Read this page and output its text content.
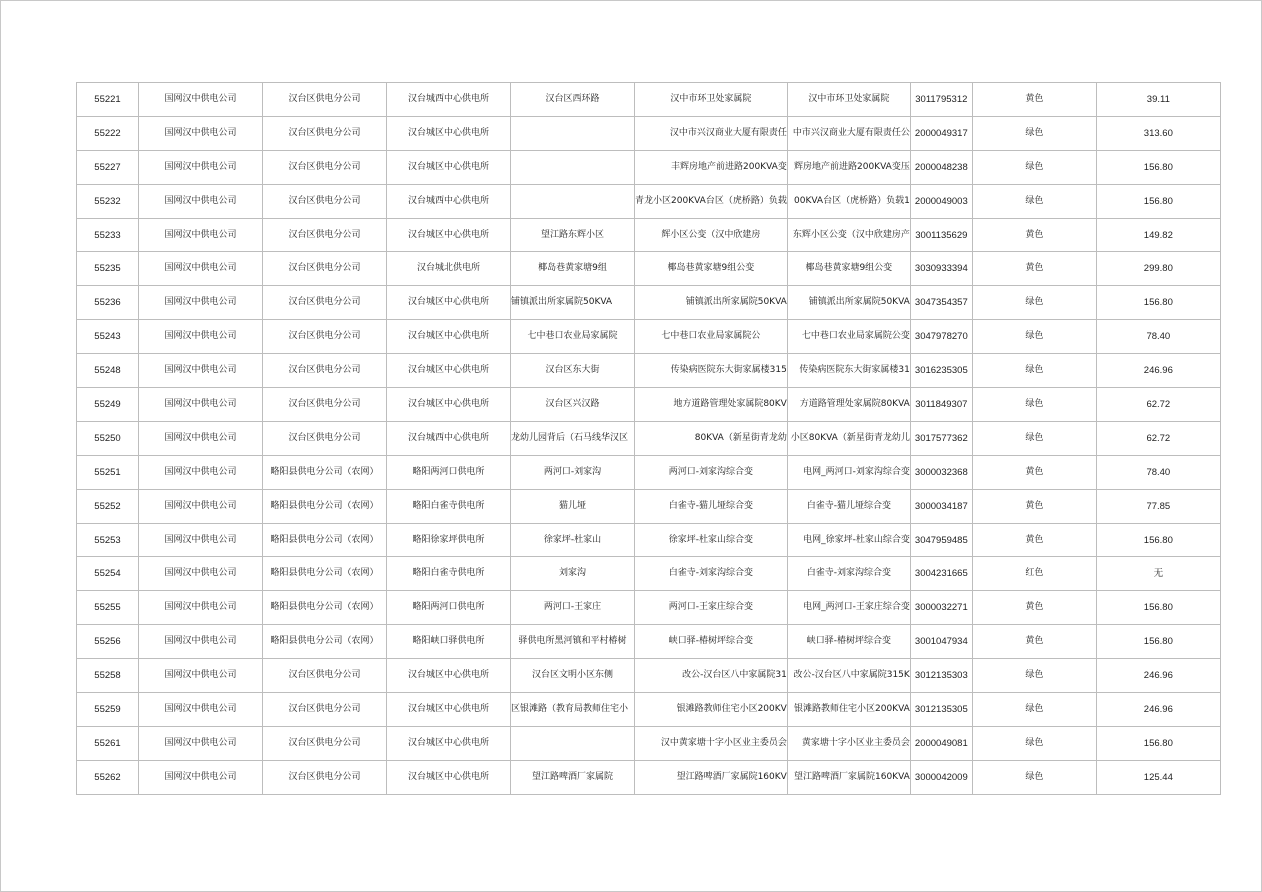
55221	国网汉中供电公司	汉台区供电分公司	汉台城西中心供电所	汉台区西环路	汉中市环卫处家属院	汉中市环卫处家属院	3011795312	黄色	39.11
55222	国网汉中供电公司	汉台区供电分公司	汉台城区中心供电所		汉中市兴汉商业大厦有限责任	中市兴汉商业大厦有限责任公	2000049317	绿色	313.60
55227	国网汉中供电公司	汉台区供电分公司	汉台城区中心供电所		丰辉房地产前进路200KVA变	辉房地产前进路200KVA变压	2000048238	绿色	156.80
55232	国网汉中供电公司	汉台区供电分公司	汉台城西中心供电所		青龙小区200KVA台区（虎桥路）负载	00KVA台区（虎桥路）负载1	2000049003	绿色	156.80
55233	国网汉中供电公司	汉台区供电分公司	汉台城区中心供电所	望江路东辉小区	辉小区公变（汉中欣建房	东辉小区公变（汉中欣建房产	3001135629	黄色	149.82
55235	国网汉中供电公司	汉台区供电分公司	汉台城北供电所	椰岛巷黄家塘9组	椰岛巷黄家塘9组公变	椰岛巷黄家塘9组公变	3030933394	黄色	299.80
55236	国网汉中供电公司	汉台区供电分公司	汉台城区中心供电所	铺镇派出所家属院50KVA	铺镇派出所家属院50KVA	铺镇派出所家属院50KVA	3047354357	绿色	156.80
55243	国网汉中供电公司	汉台区供电分公司	汉台城区中心供电所	七中巷口农业局家属院	七中巷口农业局家属院公	七中巷口农业局家属院公变	3047978270	绿色	78.40
55248	国网汉中供电公司	汉台区供电分公司	汉台城区中心供电所	汉台区东大街	传染病医院东大街家属楼315	传染病医院东大街家属楼31	3016235305	绿色	246.96
55249	国网汉中供电公司	汉台区供电分公司	汉台城区中心供电所	汉台区兴汉路	地方道路管理处家属院80KV	方道路管理处家属院80KVA	3011849307	绿色	62.72
55250	国网汉中供电公司	汉台区供电分公司	汉台城西中心供电所	龙幼儿园背后（石马线华汉区	80KVA（新星街青龙幼	小区80KVA（新星街青龙幼儿	3017577362	绿色	62.72
55251	国网汉中供电公司	略阳县供电分公司（农网）	略阳两河口供电所	两河口-刘家沟	两河口-刘家沟综合变	电网_两河口-刘家沟综合变	3000032368	黄色	78.40
55252	国网汉中供电公司	略阳县供电分公司（农网）	略阳白雀寺供电所	猫儿垭	白雀寺-猫儿垭综合变	白雀寺-猫儿垭综合变	3000034187	黄色	77.85
55253	国网汉中供电公司	略阳县供电分公司（农网）	略阳徐家坪供电所	徐家坪-杜家山	徐家坪-杜家山综合变	电网_徐家坪-杜家山综合变	3047959485	黄色	156.80
55254	国网汉中供电公司	略阳县供电分公司（农网）	略阳白雀寺供电所	刘家沟	白雀寺-刘家沟综合变	白雀寺-刘家沟综合变	3004231665	红色	无
55255	国网汉中供电公司	略阳县供电分公司（农网）	略阳两河口供电所	两河口-王家庄	两河口-王家庄综合变	电网_两河口-王家庄综合变	3000032271	黄色	156.80
55256	国网汉中供电公司	略阳县供电分公司（农网）	略阳峡口驿供电所	驿供电所黑河镇和平村椿树	峡口驿-椿树坪综合变	峡口驿-椿树坪综合变	3001047934	黄色	156.80
55258	国网汉中供电公司	汉台区供电分公司	汉台城区中心供电所	汉台区文明小区东侧	改公-汉台区八中家属院31	改公-汉台区八中家属院315K	3012135303	绿色	246.96
55259	国网汉中供电公司	汉台区供电分公司	汉台城区中心供电所	区银滩路（教育局教师住宅小	银滩路教师住宅小区200KV	银滩路教师住宅小区200KVA	3012135305	绿色	246.96
55261	国网汉中供电公司	汉台区供电分公司	汉台城区中心供电所		汉中黄家塘十字小区业主委员会	黄家塘十字小区业主委员会	2000049081	绿色	156.80
55262	国网汉中供电公司	汉台区供电分公司	汉台城区中心供电所	望江路啤酒厂家属院	望江路啤酒厂家属院160KV	望江路啤酒厂家属院160KVA	3000042009	绿色	125.44
